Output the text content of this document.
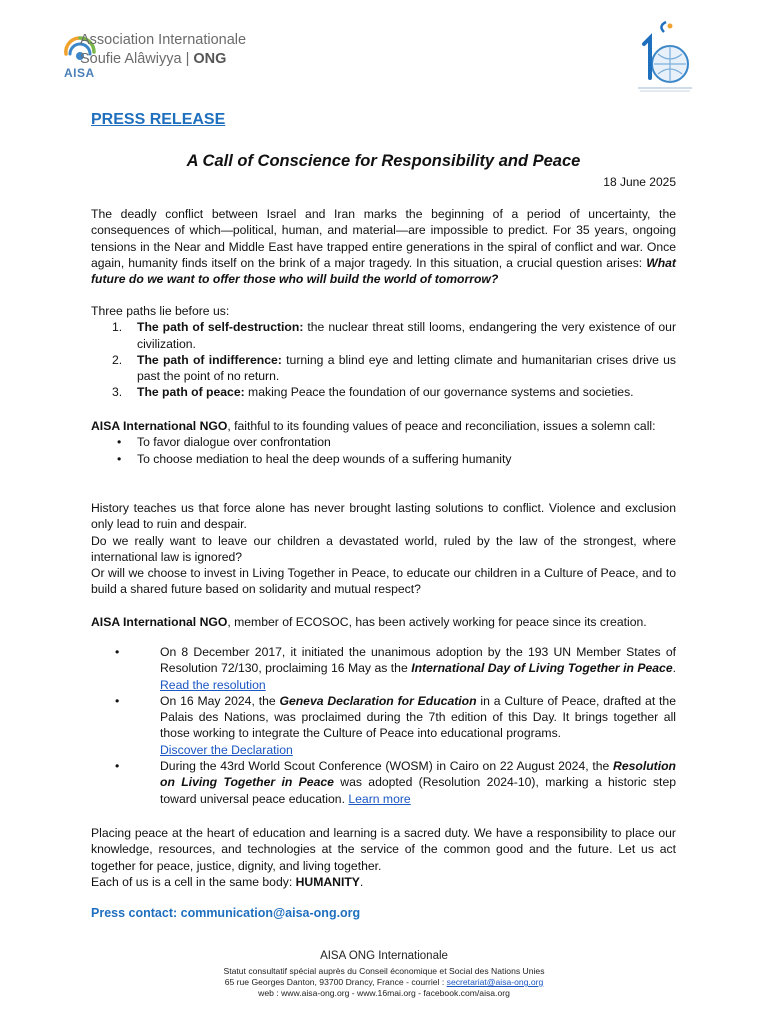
Association Internationale
Soufie Alâwiyya | ONG
AISA
PRESS RELEASE
A Call of Conscience for Responsibility and Peace
18 June 2025

The deadly conflict between Israel and Iran marks the beginning of a period of uncertainty, the consequences of which—political, human, and material—are impossible to predict. For 35 years, ongoing tensions in the Near and Middle East have trapped entire generations in the spiral of conflict and war. Once again, humanity finds itself on the brink of a major tragedy. In this situation, a crucial question arises: What future do we want to offer those who will build the world of tomorrow?

Three paths lie before us:

1. The path of self-destruction: the nuclear threat still looms, endangering the very existence of our civilization.
2. The path of indifference: turning a blind eye and letting climate and humanitarian crises drive us past the point of no return.
3. The path of peace: making Peace the foundation of our governance systems and societies.

AISA International NGO, faithful to its founding values of peace and reconciliation, issues a solemn call:

• To favor dialogue over confrontation
• To choose mediation to heal the deep wounds of a suffering humanity

History teaches us that force alone has never brought lasting solutions to conflict. Violence and exclusion only lead to ruin and despair.

Do we really want to leave our children a devastated world, ruled by the law of the strongest, where international law is ignored?

Or will we choose to invest in Living Together in Peace, to educate our children in a Culture of Peace, and to build a shared future based on solidarity and mutual respect?

AISA International NGO, member of ECOSOC, has been actively working for peace since its creation.

•	On 8 December 2017, it initiated the unanimous adoption by the 193 UN Member States of Resolution 72/130, proclaiming 16 May as the International Day of Living Together in Peace. Read the resolution
•	On 16 May 2024, the Geneva Declaration for Education in a Culture of Peace, drafted at the Palais des Nations, was proclaimed during the 7th edition of this Day. It brings together all those working to integrate the Culture of Peace into educational programs.
Discover the Declaration
•	During the 43rd World Scout Conference (WOSM) in Cairo on 22 August 2024, the Resolution on Living Together in Peace was adopted (Resolution 2024-10), marking a historic step toward universal peace education. Learn more

Placing peace at the heart of education and learning is a sacred duty. We have a responsibility to place our knowledge, resources, and technologies at the service of the common good and the future. Let us act together for peace, justice, dignity, and living together.

Each of us is a cell in the same body: HUMANITY.

Press contact: communication@aisa-ong.org
AISA ONG Internationale
Statut consultatif spécial auprès du Conseil économique et Social des Nations Unies
65 rue Georges Danton, 93700 Drancy, France - courriel : secretariat@aisa-ong.org
web : www.aisa-ong.org - www.16mai.org - facebook.com/aisa.org
